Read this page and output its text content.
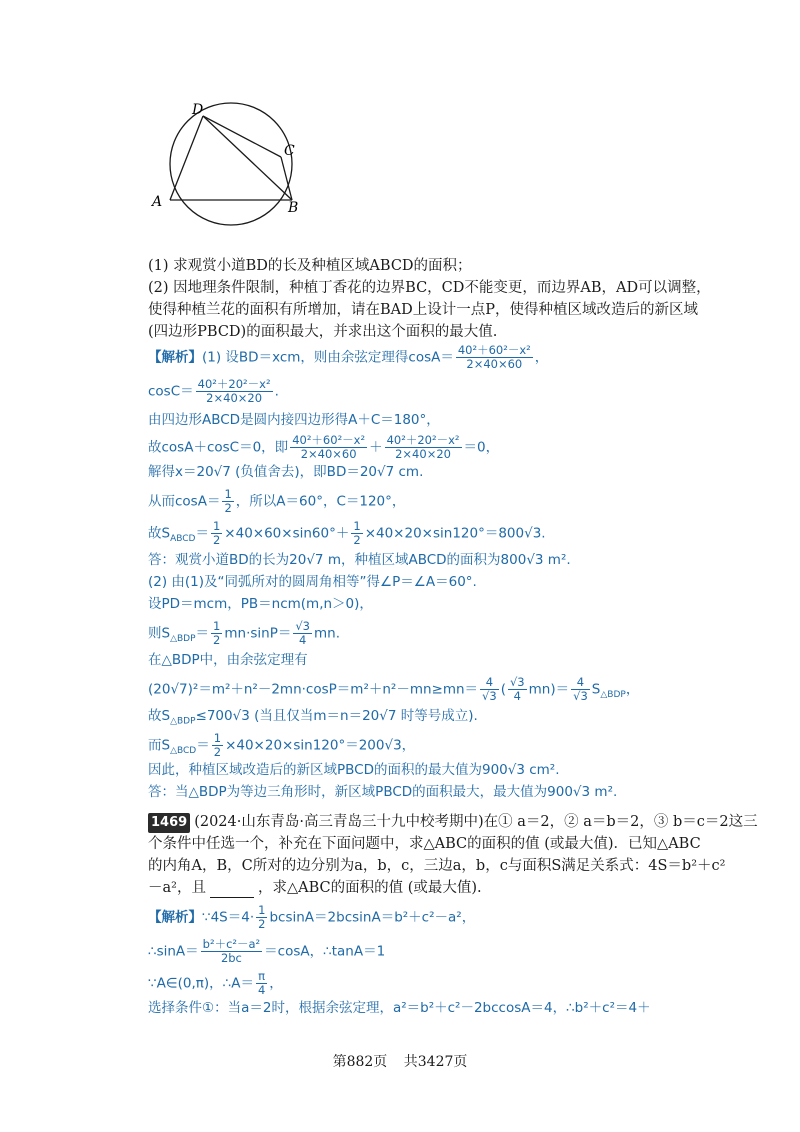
D
C
A	B
(1) 求观赏小道BD的长及种植区域ABCD的面积；
(2) 因地理条件限制，种植丁香花的边界BC，CD不能变更，而边界AB，AD可以调整，
使得种植兰花的面积有所增加，请在BAD上设计一点P，使得种植区域改造后的新区域
(四边形PBCD)的面积最大，并求出这个面积的最大值.
【解析】(1) 设BD＝xcm，则由余弦定理得$\cos A= \frac{\text{40²＋60²－x²}}{2\times 40\times 60}$ ，
$\cos C= \frac{\text{40²＋20²－x²}}{2\times 40\times 20}$ .
由四边形ABCD是圆内接四边形得A＋C＝180°，
故cosA＋cosC＝0，即 $\frac{\text{40²＋60²－x²}}{2\times 40\times 60} + \frac{\text{40²＋20²－x²}}{2\times 40\times 20} =0$，
解得x＝20√7 (负值舍去)，即BD＝20√7 cm.
从而$\cos A= \frac{1}{2}$ ，所以A＝60°，C＝120°，
故$S_{ABCD}= \frac{1}{2} \times 40\times 60\times\sin 60^\circ+ \frac{1}{2} \times 40\times 20\times\sin 120^\circ=800√3$.
答：观赏小道BD的长为20√7 m，种植区域ABCD的面积为800√3 m².
(2) 由(1)及“同弧所对的圆周角相等”得∠P＝∠A＝60°.
设PD＝mcm，PB＝ncm(m,n＞0)，
则$S_{\triangle BDP}= \frac{1}{2} mn\cdot\sin P= \frac{√3}{4}$ mn.
在△BDP中，由余弦定理有
$(20√7)^2=m^2+n^2-2mn\cdot\cos P=m^2+n^2-mn\ge mn= \frac{4}{√3}$ ( $\frac{√3}{4} mn)= \frac{4}{√3} S_{\triangle BDP}$，
故$S_{\triangle BDP}\le 700√3$ (当且仅当m＝n＝20√7 时等号成立).
而$S_{\triangle BCD}= \frac{1}{2} \times 40\times 20\times\sin 120^\circ=200√3$，
因此，种植区域改造后的新区域PBCD的面积的最大值为900√3 cm².
答：当△BDP为等边三角形时，新区域PBCD的面积最大，最大值为900√3 m².
1469 (2024·山东青岛·高三青岛三十九中校考期中)在① a＝2，② a＝b＝2，③ b＝c＝2这三
个条件中任选一个，补充在下面问题中，求△ABC的面积的值 (或最大值)．已知△ABC
的内角A，B，C所对的边分别为a，b，c，三边a，b，c与面积S满足关系式：4S＝b²＋c²
－a²，且	，求△ABC的面积的值 (或最大值).
【解析】∵4S＝4· $\frac{1}{2} bcsinA=2bcsinA=b^2+c^2-a^2$，
∴sinA＝ $\frac{\text{b²＋c²－a²}}{2bc} =\cos A$，∴tanA＝1
∵A∈(0,π)，∴A＝ $\frac{\pi}{4}$ ，
选择条件①：当a＝2时，根据余弦定理，a²＝b²＋c²－2bccosA＝4，∴b²＋c²＝4＋
第882页 共3427页
